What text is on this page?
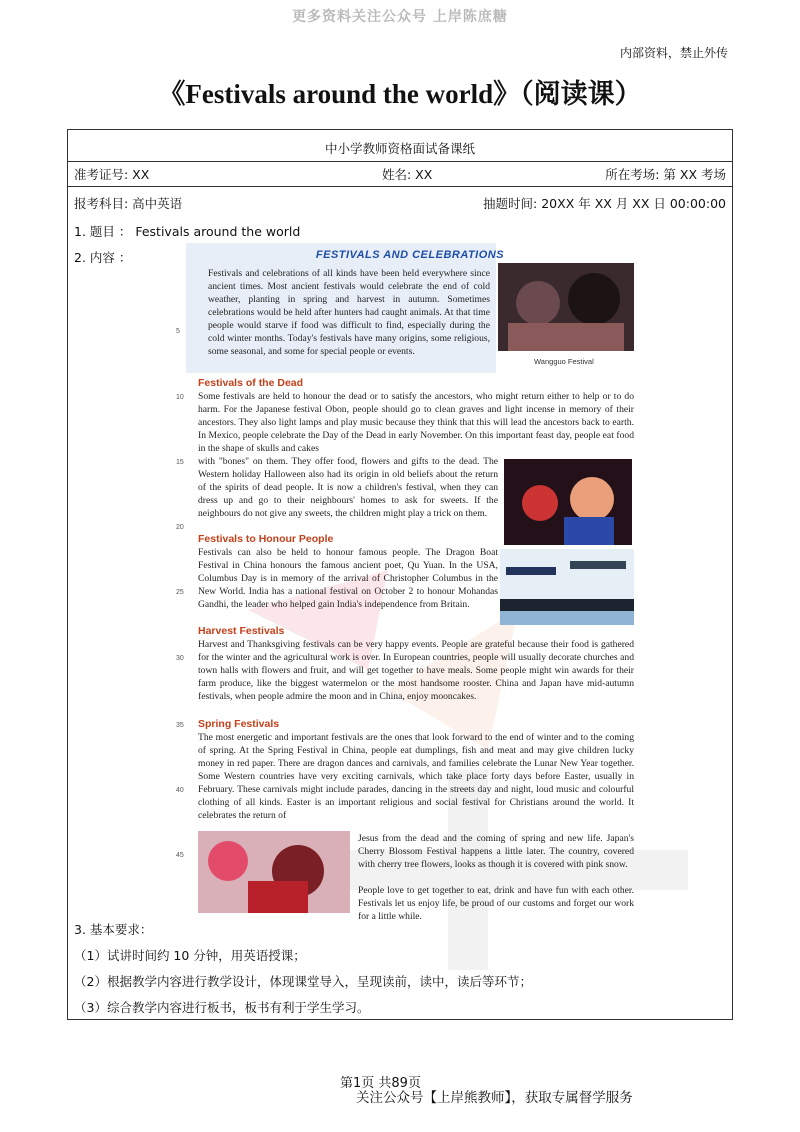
更多资料关注公众号 上岸陈庶糖
内部资料，禁止外传
《Festivals around the world》（阅读课）
中小学教师资格面试备课纸
准考证号: XX	姓名: XX	所在考场: 第 XX 考场
报考科目: 高中英语	抽题时间: 20XX 年 XX 月 XX 日 00:00:00
1. 题目 ： Festivals around the world
2. 内容 ：	FESTIVALS AND CELEBRATIONS

Festivals and celebrations of all kinds have been held everywhere since ancient times. Most ancient festivals would celebrate the end of cold weather, planting in spring and harvest in autumn. Sometimes celebrations would be held after hunters had caught animals. At that time people would starve if food was difficult to find, especially during the cold winter months. Today's festivals have many origins, some religious, some seasonal, and some for special people or events.

Wangguo Festival
Festivals of the Dead

Some festivals are held to honour the dead or to satisfy the ancestors, who might return either to help or to do harm. For the Japanese festival Obon, people should go to clean graves and light incense in memory of their ancestors. They also light lamps and play music because they think that this will lead the ancestors back to earth. In Mexico, people celebrate the Day of the Dead in early November. On this important feast day, people eat food in the shape of skulls and cakes

with "bones" on them. They offer food, flowers and gifts to the dead. The Western holiday Halloween also had its origin in old beliefs about the return of the spirits of dead people. It is now a children's festival, when they can dress up and go to their neighbours' homes to ask for sweets. If the neighbours do not give any sweets, the children might play a trick on them.

Festivals to Honour People

Festivals can also be held to honour famous people. The Dragon Boat Festival in China honours the famous ancient poet, Qu Yuan. In the USA, Columbus Day is in memory of the arrival of Christopher Columbus in the New World. India has a national festival on October 2 to honour Mohandas Gandhi, the leader who helped gain India's independence from Britain.

Harvest Festivals

Harvest and Thanksgiving festivals can be very happy events. People are grateful because their food is gathered for the winter and the agricultural work is over. In European countries, people will usually decorate churches and town halls with flowers and fruit, and will get together to have meals. Some people might win awards for their farm produce, like the biggest watermelon or the most handsome rooster. China and Japan have mid-autumn festivals, when people admire the moon and in China, enjoy mooncakes.

Spring Festivals

The most energetic and important festivals are the ones that look forward to the end of winter and to the coming of spring. At the Spring Festival in China, people eat dumplings, fish and meat and may give children lucky money in red paper. There are dragon dances and carnivals, and families celebrate the Lunar New Year together. Some Western countries have very exciting carnivals, which take place forty days before Easter, usually in February. These carnivals might include parades, dancing in the streets day and night, loud music and colourful clothing of all kinds. Easter is an important religious and social festival for Christians around the world. It celebrates the return of

Jesus from the dead and the coming of spring and new life. Japan's Cherry Blossom Festival happens a little later. The country, covered with cherry tree flowers, looks as though it is covered with pink snow.

People love to get together to eat, drink and have fun with each other. Festivals let us enjoy life, be proud of our customs and forget our work for a little while.

5
10
15
20
25
30
35
40
45
3. 基本要求：
（1）试讲时间约 10 分钟，用英语授课；
（2）根据教学内容进行教学设计，体现课堂导入，呈现读前，读中，读后等环节；
（3）综合教学内容进行板书，板书有利于学生学习。
第1页 共89页
关注公众号【上岸熊教师】，获取专属督学服务
